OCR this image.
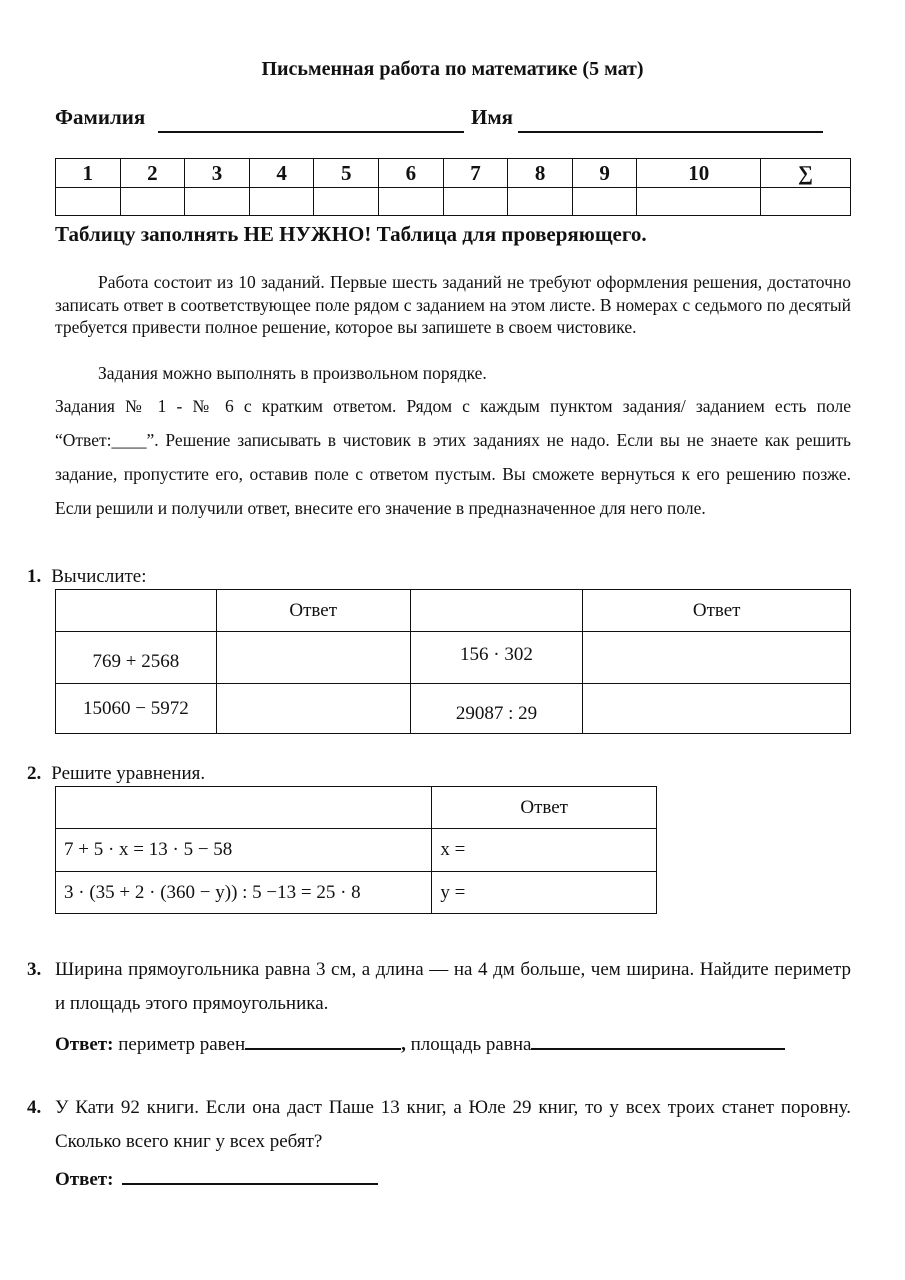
Письменная работа по математике (5 мат)
Фамилия	Имя
1	2	3	4	5	6	7	8	9	10	∑

Таблицу заполнять НЕ НУЖНО! Таблица для проверяющего.
Работа состоит из 10 заданий. Первые шесть заданий не требуют оформления решения, достаточно записать ответ в соответствующее поле рядом с заданием на этом листе. В номерах с седьмого по десятый требуется привести полное решение, которое вы запишете в своем чистовике.
Задания можно выполнять в произвольном порядке.
Задания № 1 - № 6 с кратким ответом. Рядом с каждым пунктом задания/ заданием есть поле “Ответ:____”. Решение записывать в чистовик в этих заданиях не надо. Если вы не знаете как решить задание, пропустите его, оставив поле с ответом пустым. Вы сможете вернуться к его решению позже. Если решили и получили ответ, внесите его значение в предназначенное для него поле.
1. Вычислите:
	Ответ		Ответ
769 + 2568		156 · 302	
15060 − 5972		29087 : 29	
2. Решите уравнения.
	Ответ
7 + 5 · x = 13 · 5 − 58	x =
3 · (35 + 2 · (360 − y)) : 5 −13 = 25 · 8	y =
3. Ширина прямоугольника равна 3 см, а длина — на 4 дм больше, чем ширина. Найдите периметр и площадь этого прямоугольника.
Ответ: периметр равен	, площадь равна
4. У Кати 92 книги. Если она даст Паше 13 книг, а Юле 29 книг, то у всех троих станет поровну. Сколько всего книг у всех ребят?
Ответ:
